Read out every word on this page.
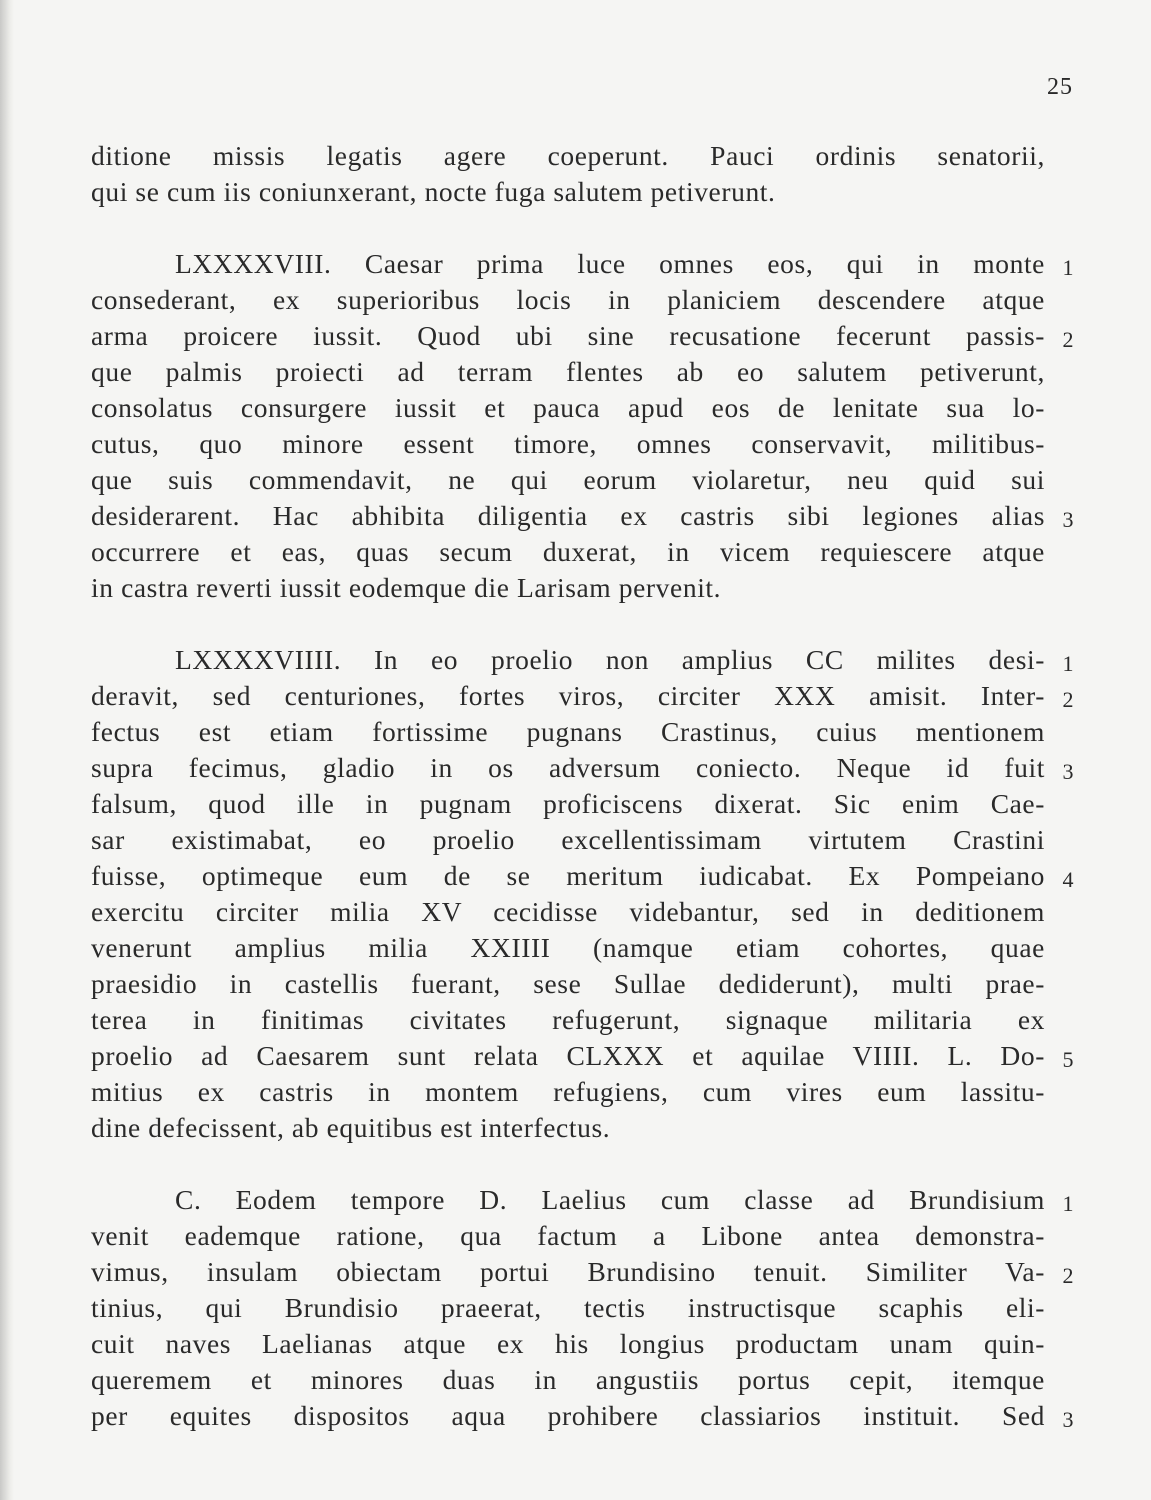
25
ditione missis legatis agere coeperunt. Pauci ordinis senatorii,
qui se cum iis coniunxerant, nocte fuga salutem petiverunt.
LXXXXVIII. Caesar prima luce omnes eos, qui in monte
consederant, ex superioribus locis in planiciem descendere atque
arma proicere iussit. Quod ubi sine recusatione fecerunt passis-
que palmis proiecti ad terram flentes ab eo salutem petiverunt,
consolatus consurgere iussit et pauca apud eos de lenitate sua lo-
cutus, quo minore essent timore, omnes conservavit, militibus-
que suis commendavit, ne qui eorum violaretur, neu quid sui
desiderarent. Hac abhibita diligentia ex castris sibi legiones alias
occurrere et eas, quas secum duxerat, in vicem requiescere atque
in castra reverti iussit eodemque die Larisam pervenit.
LXXXXVIIII. In eo proelio non amplius CC milites desi-
deravit, sed centuriones, fortes viros, circiter XXX amisit. Inter-
fectus est etiam fortissime pugnans Crastinus, cuius mentionem
supra fecimus, gladio in os adversum coniecto. Neque id fuit
falsum, quod ille in pugnam proficiscens dixerat. Sic enim Cae-
sar existimabat, eo proelio excellentissimam virtutem Crastini
fuisse, optimeque eum de se meritum iudicabat. Ex Pompeiano
exercitu circiter milia XV cecidisse videbantur, sed in deditionem
venerunt amplius milia XXIIII (namque etiam cohortes, quae
praesidio in castellis fuerant, sese Sullae dediderunt), multi prae-
terea in finitimas civitates refugerunt, signaque militaria ex
proelio ad Caesarem sunt relata CLXXX et aquilae VIIII. L. Do-
mitius ex castris in montem refugiens, cum vires eum lassitu-
dine defecissent, ab equitibus est interfectus.
C. Eodem tempore D. Laelius cum classe ad Brundisium
venit eademque ratione, qua factum a Libone antea demonstra-
vimus, insulam obiectam portui Brundisino tenuit. Similiter Va-
tinius, qui Brundisio praeerat, tectis instructisque scaphis eli-
cuit naves Laelianas atque ex his longius productam unam quin-
queremem et minores duas in angustiis portus cepit, itemque
per equites dispositos aqua prohibere classiarios instituit. Sed
1
2
3
1
2
3
4
5
1
2
3
